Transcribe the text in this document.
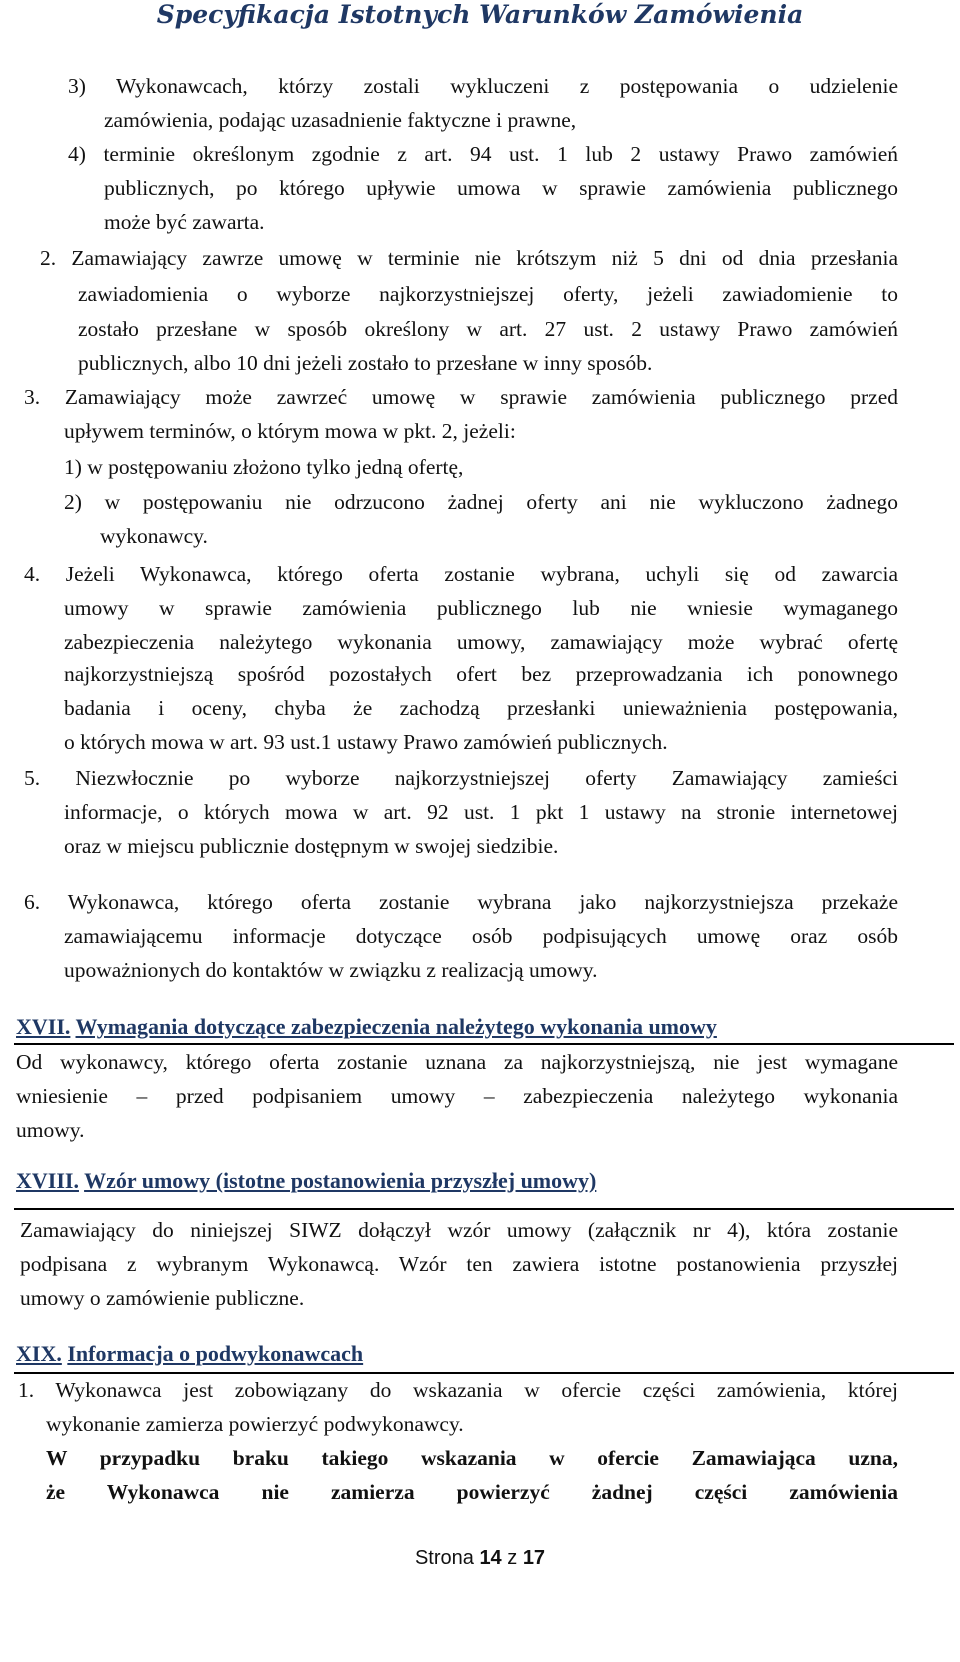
Specyfikacja Istotnych Warunków Zamówienia
3) Wykonawcach, którzy zostali wykluczeni z postępowania o udzielenie
zamówienia, podając uzasadnienie faktyczne i prawne,
4) terminie określonym zgodnie z art. 94 ust. 1 lub 2 ustawy Prawo zamówień
publicznych, po którego upływie umowa w sprawie zamówienia publicznego
może być zawarta.
2. Zamawiający zawrze umowę w terminie nie krótszym niż 5 dni od dnia przesłania
zawiadomienia o wyborze najkorzystniejszej oferty, jeżeli zawiadomienie to
zostało przesłane w sposób określony w art. 27 ust. 2 ustawy Prawo zamówień
publicznych, albo 10 dni jeżeli zostało to przesłane w inny sposób.
3. Zamawiający może zawrzeć umowę w sprawie zamówienia publicznego przed
upływem terminów, o którym mowa w pkt. 2, jeżeli:
1) w postępowaniu złożono tylko jedną ofertę,
2) w postępowaniu nie odrzucono żadnej oferty ani nie wykluczono żadnego
wykonawcy.
4. Jeżeli Wykonawca, którego oferta zostanie wybrana, uchyli się od zawarcia
umowy w sprawie zamówienia publicznego lub nie wniesie wymaganego
zabezpieczenia należytego wykonania umowy, zamawiający może wybrać ofertę
najkorzystniejszą spośród pozostałych ofert bez przeprowadzania ich ponownego
badania i oceny, chyba że zachodzą przesłanki unieważnienia postępowania,
o których mowa w art. 93 ust.1 ustawy Prawo zamówień publicznych.
5. Niezwłocznie po wyborze najkorzystniejszej oferty Zamawiający zamieści
informacje, o których mowa w art. 92 ust. 1 pkt 1 ustawy na stronie internetowej
oraz w miejscu publicznie dostępnym w swojej siedzibie.
6. Wykonawca, którego oferta zostanie wybrana jako najkorzystniejsza przekaże
zamawiającemu informacje dotyczące osób podpisujących umowę oraz osób
upoważnionych do kontaktów w związku z realizacją umowy.
XVII. Wymagania dotyczące zabezpieczenia należytego wykonania umowy
Od wykonawcy, którego oferta zostanie uznana za najkorzystniejszą, nie jest wymagane
wniesienie – przed podpisaniem umowy – zabezpieczenia należytego wykonania
umowy.
XVIII. Wzór umowy (istotne postanowienia przyszłej umowy)
Zamawiający do niniejszej SIWZ dołączył wzór umowy (załącznik nr 4), która zostanie
podpisana z wybranym Wykonawcą. Wzór ten zawiera istotne postanowienia przyszłej
umowy o zamówienie publiczne.
XIX. Informacja o podwykonawcach
1. Wykonawca jest zobowiązany do wskazania w ofercie części zamówienia, której
wykonanie zamierza powierzyć podwykonawcy.
W przypadku braku takiego wskazania w ofercie Zamawiająca uzna,
że Wykonawca nie zamierza powierzyć żadnej części zamówienia
Strona 14 z 17
